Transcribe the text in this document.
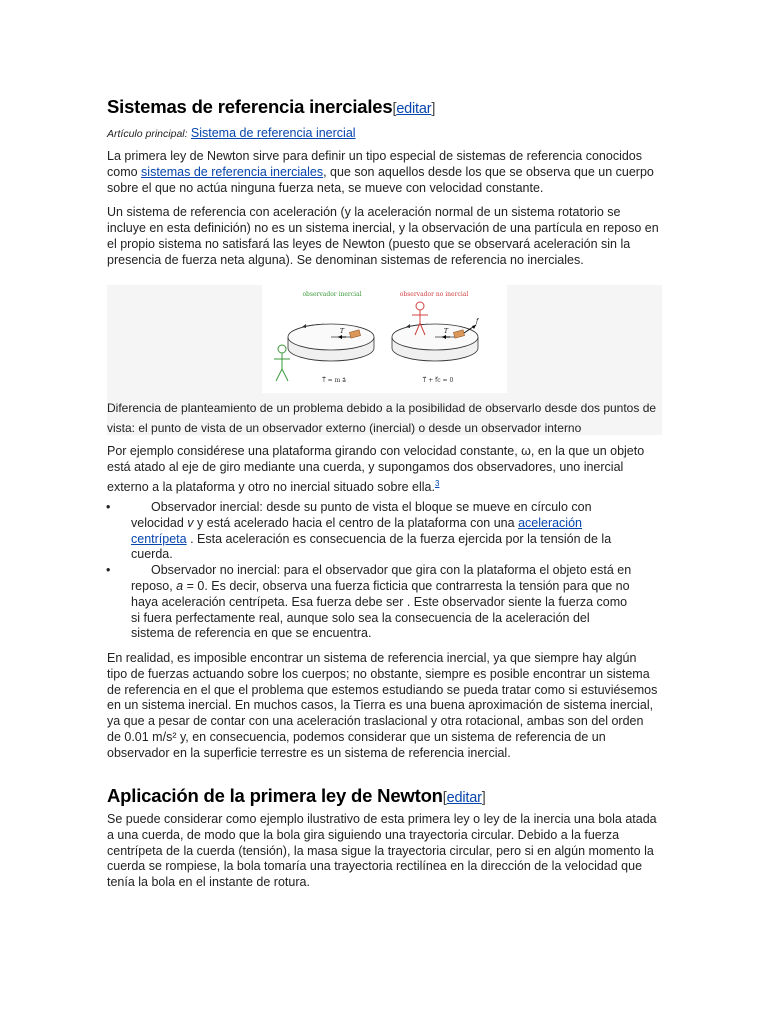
Sistemas de referencia inerciales[editar]
Artículo principal: Sistema de referencia inercial

La primera ley de Newton sirve para definir un tipo especial de sistemas de referencia conocidos como sistemas de referencia inerciales, que son aquellos desde los que se observa que un cuerpo sobre el que no actúa ninguna fuerza neta, se mueve con velocidad constante.

Un sistema de referencia con aceleración (y la aceleración normal de un sistema rotatorio se incluye en esta definición) no es un sistema inercial, y la observación de una partícula en reposo en el propio sistema no satisfará las leyes de Newton (puesto que se observará aceleración sin la presencia de fuerza neta alguna). Se denominan sistemas de referencia no inerciales.

observador inercial	observador no inercial
T
T⃗ = m a⃗
T
f
T⃗ + f⃗c = 0
Diferencia de planteamiento de un problema debido a la posibilidad de observarlo desde dos puntos de vista: el punto de vista de un observador externo (inercial) o desde un observador interno

Por ejemplo considérese una plataforma girando con velocidad constante, ω, en la que un objeto está atado al eje de giro mediante una cuerda, y supongamos dos observadores, uno inercial externo a la plataforma y otro no inercial situado sobre ella.$^3$

•	Observador inercial: desde su punto de vista el bloque se mueve en círculo con velocidad v y está acelerado hacia el centro de la plataforma con una aceleración centrípeta . Esta aceleración es consecuencia de la fuerza ejercida por la tensión de la cuerda.
•	Observador no inercial: para el observador que gira con la plataforma el objeto está en reposo, a = 0. Es decir, observa una fuerza ficticia que contrarresta la tensión para que no haya aceleración centrípeta. Esa fuerza debe ser . Este observador siente la fuerza como si fuera perfectamente real, aunque solo sea la consecuencia de la aceleración del sistema de referencia en que se encuentra.

En realidad, es imposible encontrar un sistema de referencia inercial, ya que siempre hay algún tipo de fuerzas actuando sobre los cuerpos; no obstante, siempre es posible encontrar un sistema de referencia en el que el problema que estemos estudiando se pueda tratar como si estuviésemos en un sistema inercial. En muchos casos, la Tierra es una buena aproximación de sistema inercial, ya que a pesar de contar con una aceleración traslacional y otra rotacional, ambas son del orden de 0.01 m/s² y, en consecuencia, podemos considerar que un sistema de referencia de un observador en la superficie terrestre es un sistema de referencia inercial.

Aplicación de la primera ley de Newton[editar]

Se puede considerar como ejemplo ilustrativo de esta primera ley o ley de la inercia una bola atada a una cuerda, de modo que la bola gira siguiendo una trayectoria circular. Debido a la fuerza centrípeta de la cuerda (tensión), la masa sigue la trayectoria circular, pero si en algún momento la cuerda se rompiese, la bola tomaría una trayectoria rectilínea en la dirección de la velocidad que tenía la bola en el instante de rotura.
